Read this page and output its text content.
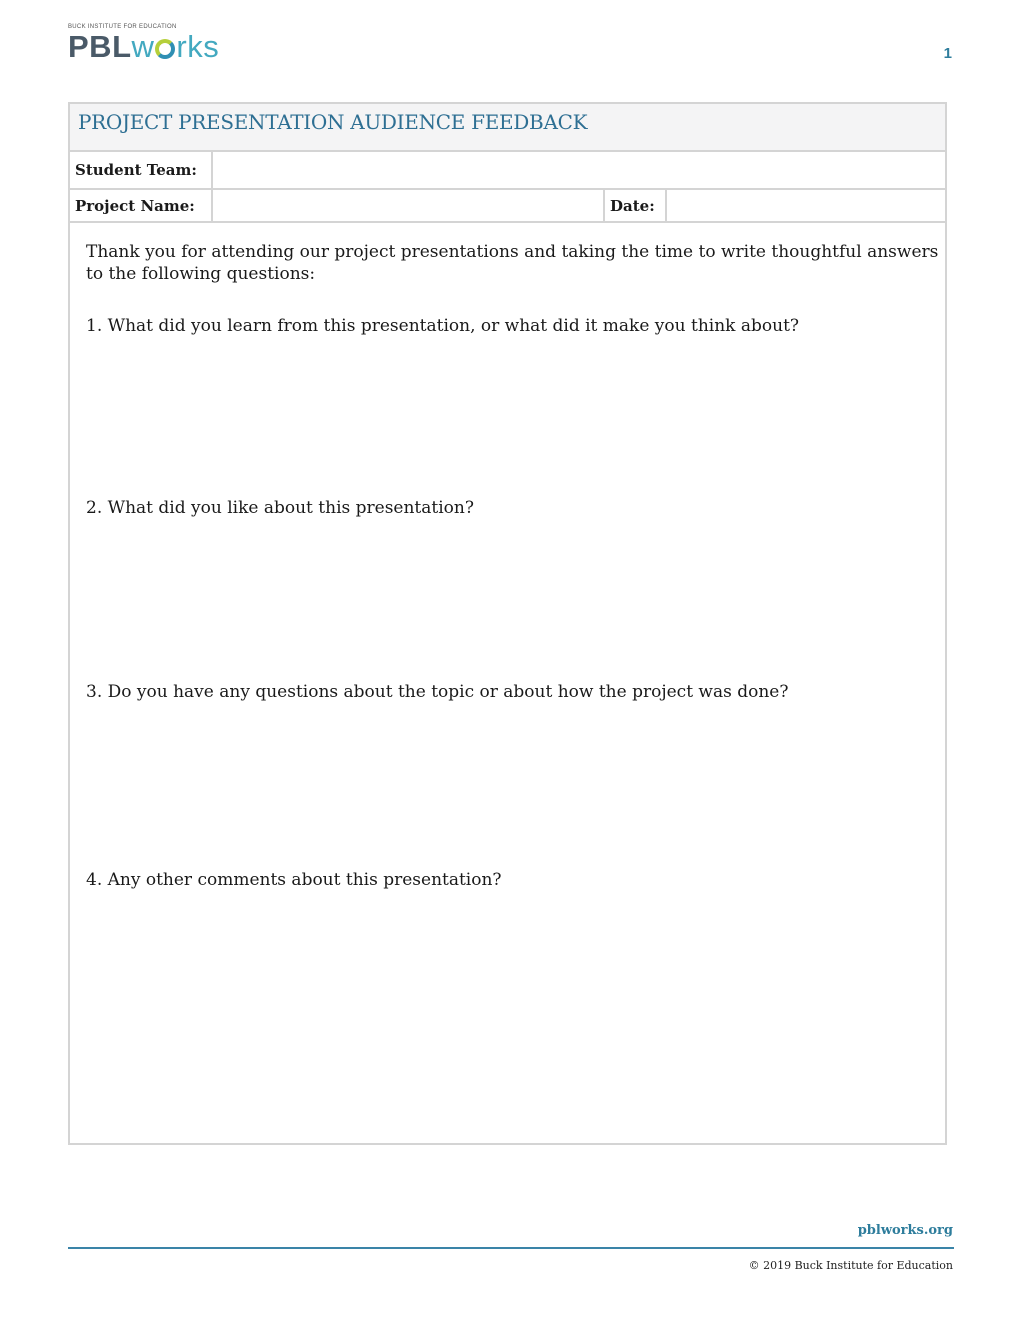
BUCK INSTITUTE FOR EDUCATION
PBLw rks	1
PROJECT PRESENTATION AUDIENCE FEEDBACK
Student Team:
Project Name:	Date:

Thank you for attending our project presentations and taking the time to write thoughtful answers to the following questions:

1. What did you learn from this presentation, or what did it make you think about?

2. What did you like about this presentation?

3. Do you have any questions about the topic or about how the project was done?

4. Any other comments about this presentation?

pblworks.org
© 2019 Buck Institute for Education
